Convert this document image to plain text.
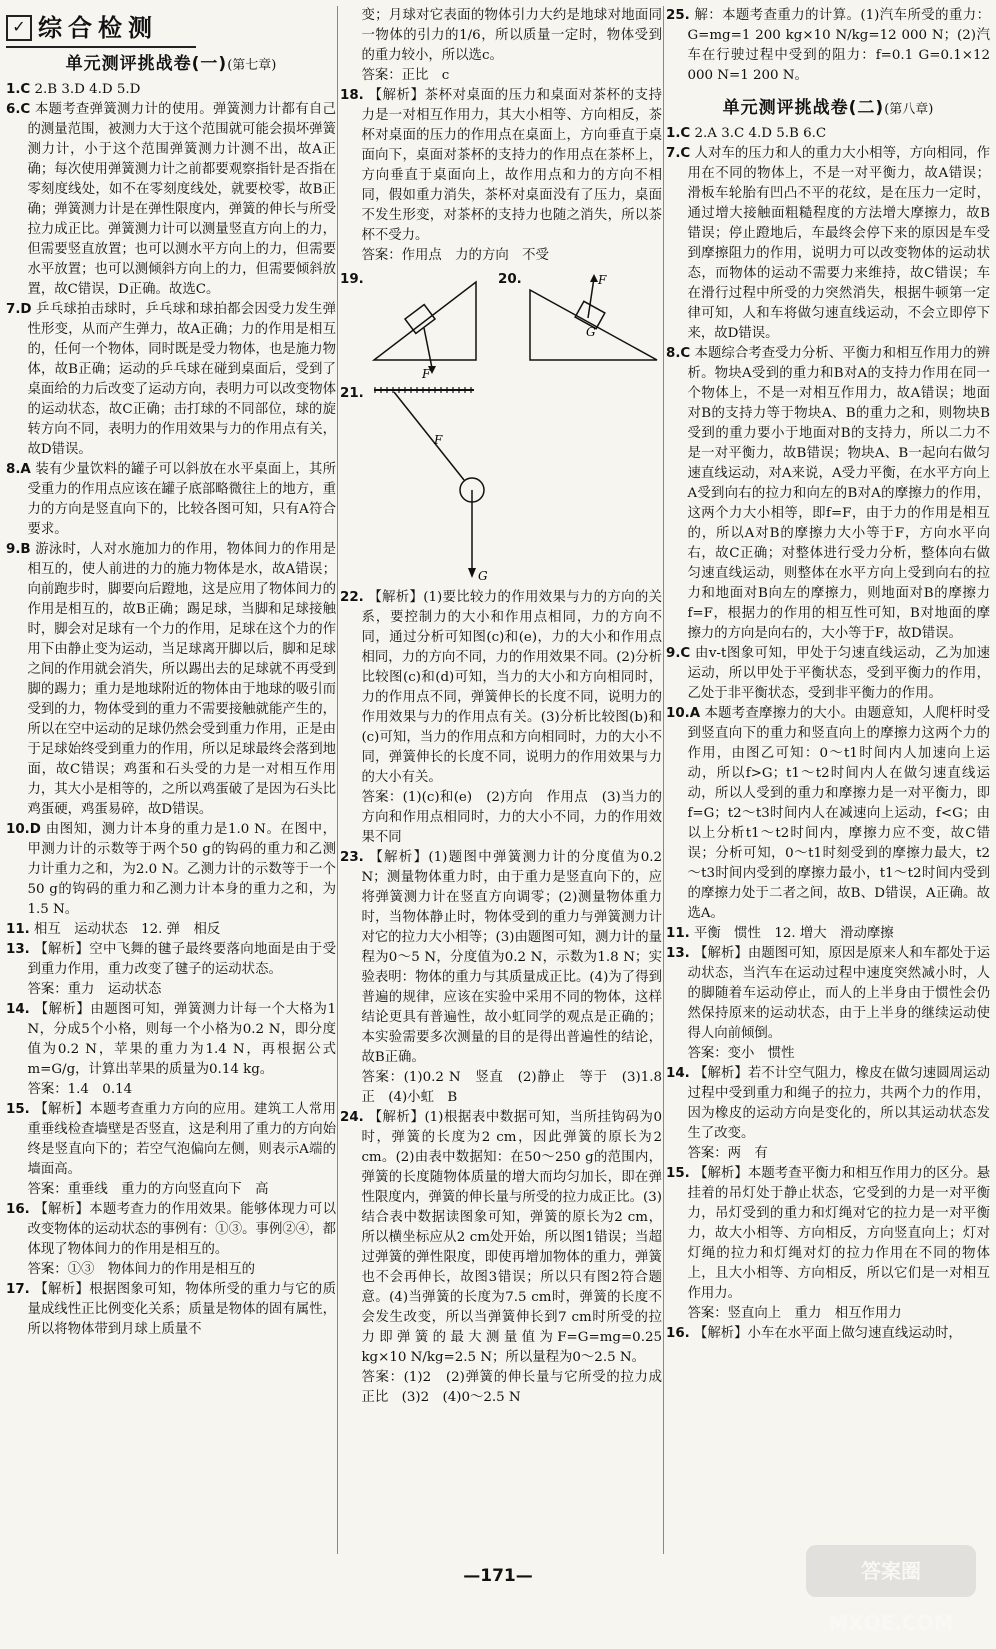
✓ 综合检测
单元测评挑战卷(一)(第七章)

1.C 2.B 3.D 4.D 5.D

6.C 本题考查弹簧测力计的使用。弹簧测力计都有自己的测量范围，被测力大于这个范围就可能会损坏弹簧测力计，小于这个范围弹簧测力计测不出，故A正确；每次使用弹簧测力计之前都要观察指针是否指在零刻度线处，如不在零刻度线处，就要校零，故B正确；弹簧测力计是在弹性限度内，弹簧的伸长与所受拉力成正比。弹簧测力计可以测量竖直方向上的力，但需要竖直放置；也可以测水平方向上的力，但需要水平放置；也可以测倾斜方向上的力，但需要倾斜放置，故C错误，D正确。故选C。

7.D 乒乓球拍击球时，乒乓球和球拍都会因受力发生弹性形变，从而产生弹力，故A正确；力的作用是相互的，任何一个物体，同时既是受力物体，也是施力物体，故B正确；运动的乒乓球在碰到桌面后，受到了桌面给的力后改变了运动方向，表明力可以改变物体的运动状态，故C正确；击打球的不同部位，球的旋转方向不同，表明力的作用效果与力的作用点有关，故D错误。

8.A 装有少量饮料的罐子可以斜放在水平桌面上，其所受重力的作用点应该在罐子底部略微往上的地方，重力的方向是竖直向下的，比较各图可知，只有A符合要求。

9.B 游泳时，人对水施加力的作用，物体间力的作用是相互的，使人前进的力的施力物体是水，故A错误；向前跑步时，脚要向后蹬地，这是应用了物体间力的作用是相互的，故B正确；踢足球，当脚和足球接触时，脚会对足球有一个力的作用，足球在这个力的作用下由静止变为运动，当足球离开脚以后，脚和足球之间的作用就会消失，所以踢出去的足球就不再受到脚的踢力；重力是地球附近的物体由于地球的吸引而受到的力，物体受到的重力不需要接触就能产生的，所以在空中运动的足球仍然会受到重力作用，正是由于足球始终受到重力的作用，所以足球最终会落到地面，故C错误；鸡蛋和石头受的力是一对相互作用力，其大小是相等的，之所以鸡蛋破了是因为石头比鸡蛋硬，鸡蛋易碎，故D错误。

10.D 由图知，测力计本身的重力是1.0 N。在图中，甲测力计的示数等于两个50 g的钩码的重力和乙测力计重力之和，为2.0 N。乙测力计的示数等于一个50 g的钩码的重力和乙测力计本身的重力之和，为1.5 N。

11. 相互　运动状态　12. 弹　相反

13. 【解析】空中飞舞的毽子最终要落向地面是由于受到重力作用，重力改变了毽子的运动状态。

答案：重力　运动状态

14. 【解析】由题图可知，弹簧测力计每一个大格为1 N，分成5个小格，则每一个小格为0.2 N，即分度值为0.2 N，苹果的重力为1.4 N，再根据公式m=G/g，计算出苹果的质量为0.14 kg。

答案：1.4　0.14

15. 【解析】本题考查重力方向的应用。建筑工人常用重垂线检查墙壁是否竖直，这是利用了重力的方向始终是竖直向下的；若空气泡偏向左侧，则表示A端的墙面高。

答案：重垂线　重力的方向竖直向下　高

16. 【解析】本题考查力的作用效果。能够体现力可以改变物体的运动状态的事例有：①③。事例②④，都体现了物体间力的作用是相互的。

答案：①③　物体间力的作用是相互的

17. 【解析】根据图象可知，物体所受的重力与它的质量成线性正比例变化关系；质量是物体的固有属性，所以将物体带到月球上质量不

变；月球对它表面的物体引力大约是地球对地面同一物体的引力的1/6，所以质量一定时，物体受到的重力较小，所以选c。

答案：正比　c

18. 【解析】茶杯对桌面的压力和桌面对茶杯的支持力是一对相互作用力，其大小相等、方向相反，茶杯对桌面的压力的作用点在桌面上，方向垂直于桌面向下，桌面对茶杯的支持力的作用点在茶杯上，方向垂直于桌面向上，故作用点和力的方向不相同，假如重力消失，茶杯对桌面没有了压力，桌面不发生形变，对茶杯的支持力也随之消失，所以茶杯不受力。

答案：作用点　力的方向　不受

19.
F
20.	F
G
21.
G
F

22. 【解析】(1)要比较力的作用效果与力的方向的关系，要控制力的大小和作用点相同，力的方向不同，通过分析可知图(c)和(e)，力的大小和作用点相同，力的方向不同，力的作用效果不同。(2)分析比较图(c)和(d)可知，当力的大小和方向相同时，力的作用点不同，弹簧伸长的长度不同，说明力的作用效果与力的作用点有关。(3)分析比较图(b)和(c)可知，当力的作用点和方向相同时，力的大小不同，弹簧伸长的长度不同，说明力的作用效果与力的大小有关。

答案：(1)(c)和(e)　(2)方向　作用点　(3)当力的方向和作用点相同时，力的大小不同，力的作用效果不同

23. 【解析】(1)题图中弹簧测力计的分度值为0.2 N；测量物体重力时，由于重力是竖直向下的，应将弹簧测力计在竖直方向调零；(2)测量物体重力时，当物体静止时，物体受到的重力与弹簧测力计对它的拉力大小相等；(3)由题图可知，测力计的量程为0～5 N，分度值为0.2 N，示数为1.8 N；实验表明：物体的重力与其质量成正比。(4)为了得到普遍的规律，应该在实验中采用不同的物体，这样结论更具有普遍性，故小虹同学的观点是正确的；本实验需要多次测量的目的是得出普遍性的结论，故B正确。

答案：(1)0.2 N　竖直　(2)静止　等于　(3)1.8　正　(4)小虹　B

24. 【解析】(1)根据表中数据可知，当所挂钩码为0时，弹簧的长度为2 cm，因此弹簧的原长为2 cm。(2)由表中数据知：在50～250 g的范围内，弹簧的长度随物体质量的增大而均匀加长，即在弹性限度内，弹簧的伸长量与所受的拉力成正比。(3)结合表中数据读图象可知，弹簧的原长为2 cm，所以横坐标应从2 cm处开始，所以图1错误；当超过弹簧的弹性限度，即使再增加物体的重力，弹簧也不会再伸长，故图3错误；所以只有图2符合题意。(4)当弹簧的长度为7.5 cm时，弹簧的长度不会发生改变，所以当弹簧伸长到7 cm时所受的拉力即弹簧的最大测量值为F=G=mg=0.25 kg×10 N/kg=2.5 N；所以量程为0～2.5 N。

答案：(1)2　(2)弹簧的伸长量与它所受的拉力成正比　(3)2　(4)0～2.5 N

25. 解：本题考查重力的计算。(1)汽车所受的重力：G=mg=1 200 kg×10 N/kg=12 000 N；(2)汽车在行驶过程中受到的阻力：f=0.1 G=0.1×12 000 N=1 200 N。

单元测评挑战卷(二)(第八章)

1.C 2.A 3.C 4.D 5.B 6.C

7.C 人对车的压力和人的重力大小相等，方向相同，作用在不同的物体上，不是一对平衡力，故A错误；滑板车轮胎有凹凸不平的花纹，是在压力一定时，通过增大接触面粗糙程度的方法增大摩擦力，故B错误；停止蹬地后，车最终会停下来的原因是车受到摩擦阻力的作用，说明力可以改变物体的运动状态，而物体的运动不需要力来维持，故C错误；车在滑行过程中所受的力突然消失，根据牛顿第一定律可知，人和车将做匀速直线运动，不会立即停下来，故D错误。

8.C 本题综合考查受力分析、平衡力和相互作用力的辨析。物块A受到的重力和B对A的支持力作用在同一个物体上，不是一对相互作用力，故A错误；地面对B的支持力等于物块A、B的重力之和，则物块B受到的重力要小于地面对B的支持力，所以二力不是一对平衡力，故B错误；物块A、B一起向右做匀速直线运动，对A来说，A受力平衡，在水平方向上A受到向右的拉力和向左的B对A的摩擦力的作用，这两个力大小相等，即f=F，由于力的作用是相互的，所以A对B的摩擦力大小等于F，方向水平向右，故C正确；对整体进行受力分析，整体向右做匀速直线运动，则整体在水平方向上受到向右的拉力和地面对B向左的摩擦力，则地面对B的摩擦力f=F，根据力的作用的相互性可知，B对地面的摩擦力的方向是向右的，大小等于F，故D错误。

9.C 由v-t图象可知，甲处于匀速直线运动，乙为加速运动，所以甲处于平衡状态，受到平衡力的作用，乙处于非平衡状态，受到非平衡力的作用。

10.A 本题考查摩擦力的大小。由题意知，人爬杆时受到竖直向下的重力和竖直向上的摩擦力这两个力的作用，由图乙可知：0～t1时间内人加速向上运动，所以f>G；t1～t2时间内人在做匀速直线运动，所以人受到的重力和摩擦力是一对平衡力，即f=G；t2～t3时间内人在减速向上运动，f<G；由以上分析t1～t2时间内，摩擦力应不变，故C错误；分析可知，0～t1时刻受到的摩擦力最大，t2～t3时间内受到的摩擦力最小，t1～t2时间内受到的摩擦力处于二者之间，故B、D错误，A正确。故选A。

11. 平衡　惯性　12. 增大　滑动摩擦

13. 【解析】由题图可知，原因是原来人和车都处于运动状态，当汽车在运动过程中速度突然减小时，人的脚随着车运动停止，而人的上半身由于惯性会仍然保持原来的运动状态，由于上半身的继续运动使得人向前倾倒。

答案：变小　惯性

14. 【解析】若不计空气阻力，橡皮在做匀速圆周运动过程中受到重力和绳子的拉力，共两个力的作用，因为橡皮的运动方向是变化的，所以其运动状态发生了改变。

答案：两　有

15. 【解析】本题考查平衡力和相互作用力的区分。悬挂着的吊灯处于静止状态，它受到的力是一对平衡力，吊灯受到的重力和灯绳对它的拉力是一对平衡力，故大小相等、方向相反，方向竖直向上；灯对灯绳的拉力和灯绳对灯的拉力作用在不同的物体上，且大小相等、方向相反，所以它们是一对相互作用力。

答案：竖直向上　重力　相互作用力

16. 【解析】小车在水平面上做匀速直线运动时，

—171—	答案圈 MXQE.COM
